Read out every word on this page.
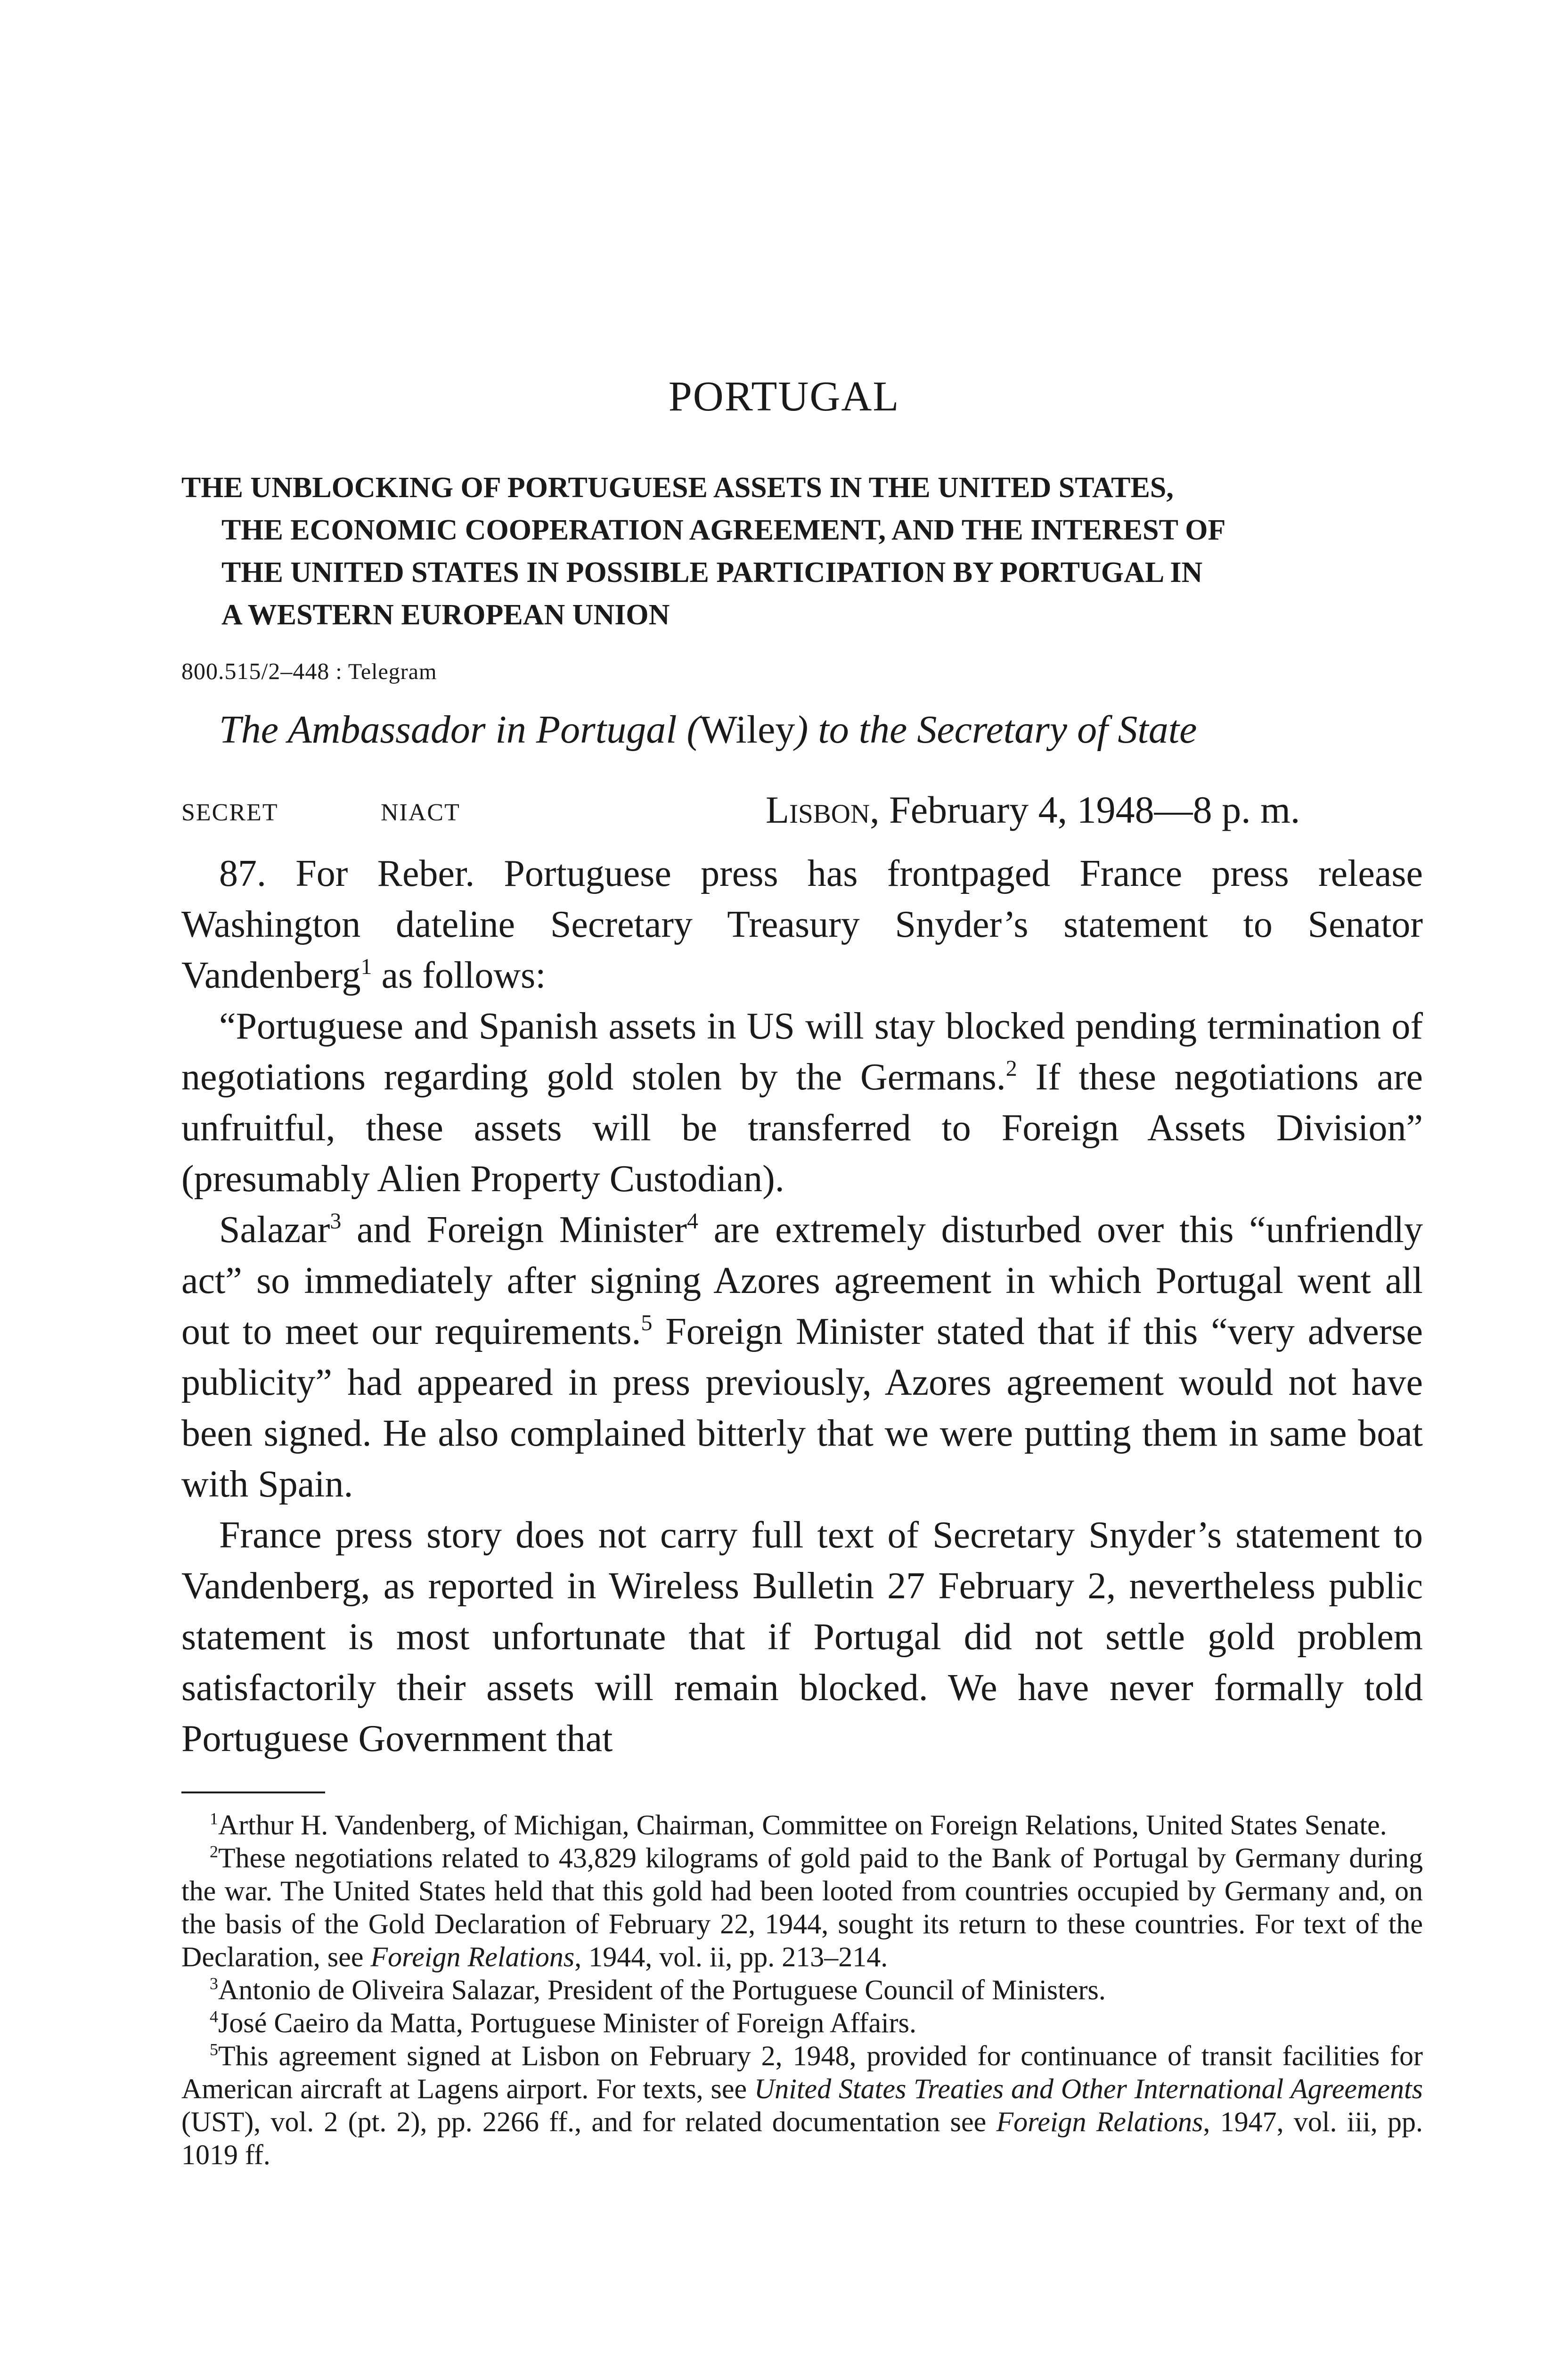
PORTUGAL
THE UNBLOCKING OF PORTUGUESE ASSETS IN THE UNITED STATES,
THE ECONOMIC COOPERATION AGREEMENT, AND THE INTEREST OF
THE UNITED STATES IN POSSIBLE PARTICIPATION BY PORTUGAL IN
A WESTERN EUROPEAN UNION
800.515/2–448 : Telegram
The Ambassador in Portugal (Wiley) to the Secretary of State
SECRET	NIACT	Lisbon, February 4, 1948—8 p. m.

87. For Reber. Portuguese press has frontpaged France press release Washington dateline Secretary Treasury Snyder’s statement to Senator Vandenberg$^1$ as follows:

“Portuguese and Spanish assets in US will stay blocked pending termination of negotiations regarding gold stolen by the Germans.$^2$ If these negotiations are unfruitful, these assets will be transferred to Foreign Assets Division” (presumably Alien Property Custodian).

Salazar$^3$ and Foreign Minister$^4$ are extremely disturbed over this “unfriendly act” so immediately after signing Azores agreement in which Portugal went all out to meet our requirements.$^5$ Foreign Minister stated that if this “very adverse publicity” had appeared in press previously, Azores agreement would not have been signed. He also complained bitterly that we were putting them in same boat with Spain.

France press story does not carry full text of Secretary Snyder’s statement to Vandenberg, as reported in Wireless Bulletin 27 February 2, nevertheless public statement is most unfortunate that if Portugal did not settle gold problem satisfactorily their assets will remain blocked. We have never formally told Portuguese Government that

$^1$Arthur H. Vandenberg, of Michigan, Chairman, Committee on Foreign Relations, United States Senate.

$^2$These negotiations related to 43,829 kilograms of gold paid to the Bank of Portugal by Germany during the war. The United States held that this gold had been looted from countries occupied by Germany and, on the basis of the Gold Declaration of February 22, 1944, sought its return to these countries. For text of the Declaration, see Foreign Relations, 1944, vol. ii, pp. 213–214.

$^3$Antonio de Oliveira Salazar, President of the Portuguese Council of Ministers.

$^4$José Caeiro da Matta, Portuguese Minister of Foreign Affairs.

$^5$This agreement signed at Lisbon on February 2, 1948, provided for continuance of transit facilities for American aircraft at Lagens airport. For texts, see United States Treaties and Other International Agreements (UST), vol. 2 (pt. 2), pp. 2266 ff., and for related documentation see Foreign Relations, 1947, vol. iii, pp. 1019 ff.
